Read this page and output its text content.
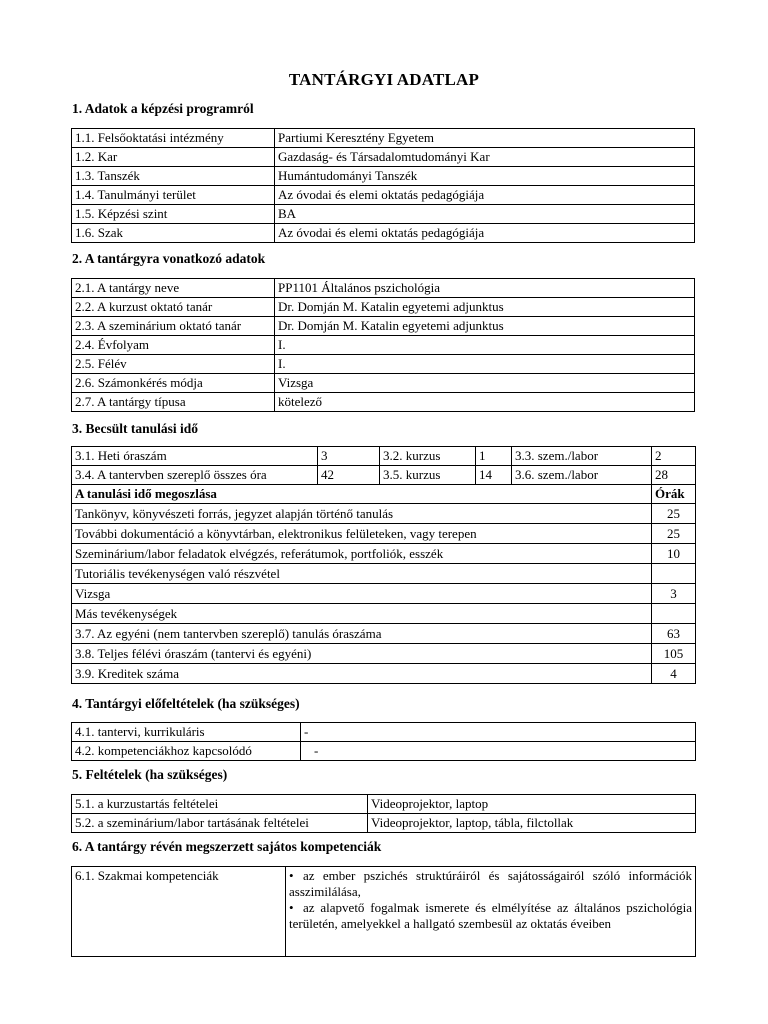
TANTÁRGYI ADATLAP
1. Adatok a képzési programról
1.1. Felsőoktatási intézmény	Partiumi Keresztény Egyetem
1.2. Kar	Gazdaság- és Társadalomtudományi Kar
1.3. Tanszék	Humántudományi Tanszék
1.4. Tanulmányi terület	Az óvodai és elemi oktatás pedagógiája
1.5. Képzési szint	BA
1.6. Szak	Az óvodai és elemi oktatás pedagógiája
2. A tantárgyra vonatkozó adatok
2.1. A tantárgy neve	PP1101 Általános pszichológia
2.2. A kurzust oktató tanár	Dr. Domján M. Katalin egyetemi adjunktus
2.3. A szeminárium oktató tanár	Dr. Domján M. Katalin egyetemi adjunktus
2.4. Évfolyam	I.
2.5. Félév	I.
2.6. Számonkérés módja	Vizsga
2.7. A tantárgy típusa	kötelező
3. Becsült tanulási idő
3.1. Heti óraszám	3	3.2. kurzus	1	3.3. szem./labor	2
3.4. A tantervben szereplő összes óra	42	3.5. kurzus	14	3.6. szem./labor	28
A tanulási idő megoszlása					Órák
Tankönyv, könyvészeti forrás, jegyzet alapján történő tanulás					25
További dokumentáció a könyvtárban, elektronikus felületeken, vagy terepen					25
Szeminárium/labor feladatok elvégzés, referátumok, portfoliók, esszék					10
Tutoriális tevékenységen való részvétel					
Vizsga					3
Más tevékenységek					
3.7. Az egyéni (nem tantervben szereplő) tanulás óraszáma					63
3.8. Teljes félévi óraszám (tantervi és egyéni)					105
3.9. Kreditek száma					4
4. Tantárgyi előfeltételek (ha szükséges)
4.1. tantervi, kurrikuláris	-
4.2. kompetenciákhoz kapcsolódó	-
5. Feltételek (ha szükséges)
5.1. a kurzustartás feltételei	Videoprojektor, laptop
5.2. a szeminárium/labor tartásának feltételei	Videoprojektor, laptop, tábla, filctollak
6. A tantárgy révén megszerzett sajátos kompetenciák
6.1. Szakmai kompetenciák	• az ember pszichés struktúráiról és sajátosságairól szóló információk asszimilálása,
• az alapvető fogalmak ismerete és elmélyítése az általános pszichológia területén, amelyekkel a hallgató szembesül az oktatás éveiben
